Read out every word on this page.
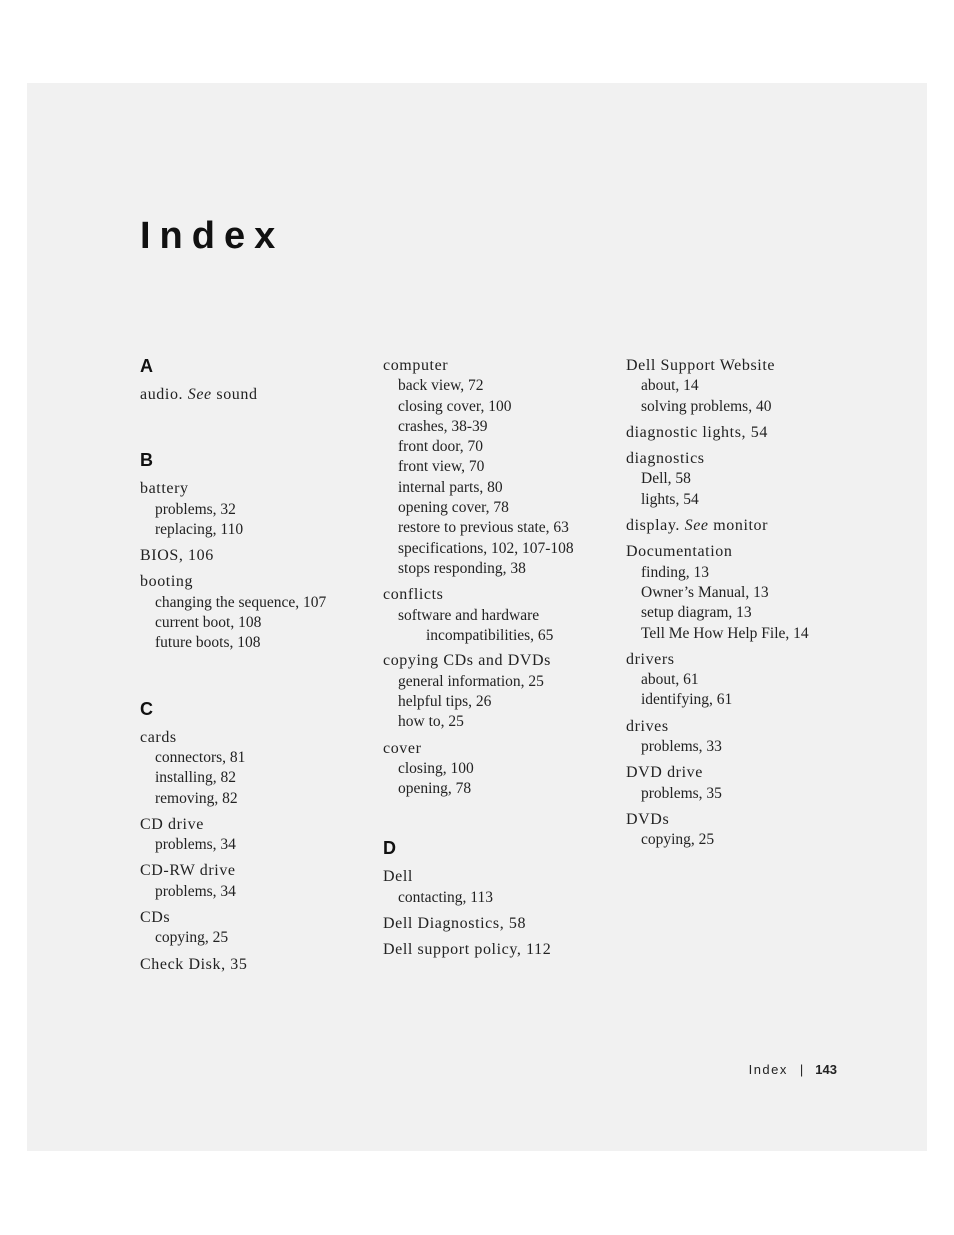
Index
A
audio. See sound
B
battery
problems, 32
replacing, 110
BIOS, 106
booting
changing the sequence, 107
current boot, 108
future boots, 108
C
cards
connectors, 81
installing, 82
removing, 82
CD drive
problems, 34
CD-RW drive
problems, 34
CDs
copying, 25
Check Disk, 35
computer
back view, 72
closing cover, 100
crashes, 38-39
front door, 70
front view, 70
internal parts, 80
opening cover, 78
restore to previous state, 63
specifications, 102, 107-108
stops responding, 38
conflicts
software and hardware
incompatibilities, 65
copying CDs and DVDs
general information, 25
helpful tips, 26
how to, 25
cover
closing, 100
opening, 78
D
Dell
contacting, 113
Dell Diagnostics, 58
Dell support policy, 112
Dell Support Website
about, 14
solving problems, 40
diagnostic lights, 54
diagnostics
Dell, 58
lights, 54
display. See monitor
Documentation
finding, 13
Owner’s Manual, 13
setup diagram, 13
Tell Me How Help File, 14
drivers
about, 61
identifying, 61
drives
problems, 33
DVD drive
problems, 35
DVDs
copying, 25
Index | 143
